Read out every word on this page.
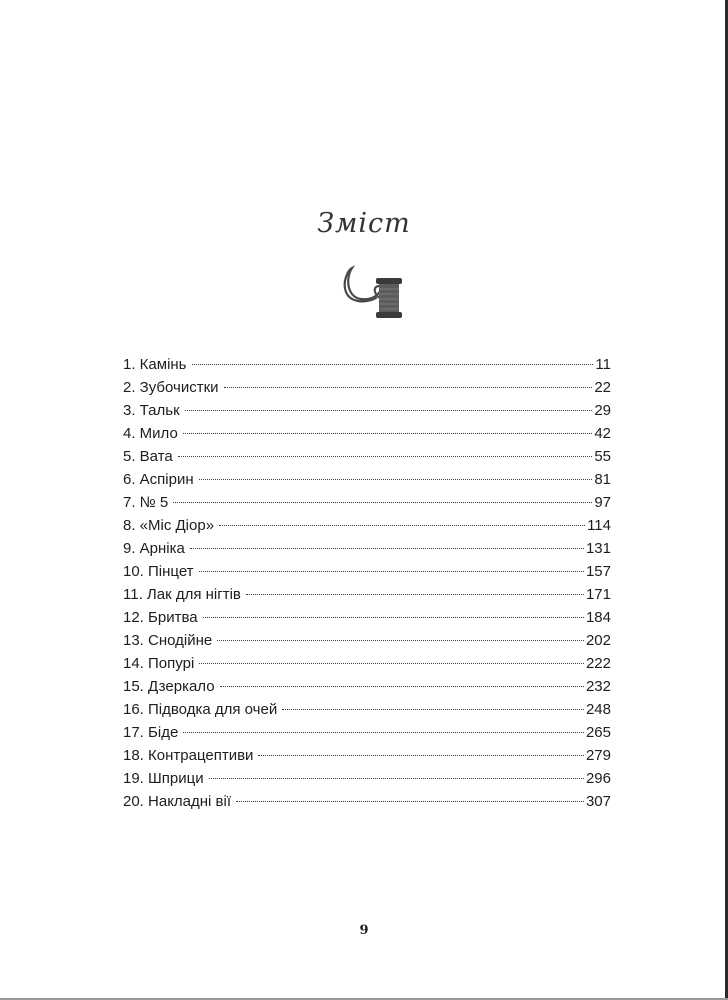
Зміст
1. Камінь	11
2. Зубочистки	22
3. Тальк	29
4. Мило	42
5. Вата	55
6. Аспірин	81
7. № 5	97
8. «Міс Діор»	114
9. Арніка	131
10. Пінцет	157
11. Лак для нігтів	171
12. Бритва	184
13. Снодійне	202
14. Попурі	222
15. Дзеркало	232
16. Підводка для очей	248
17. Біде	265
18. Контрацептиви	279
19. Шприци	296
20. Накладні вії	307
9
